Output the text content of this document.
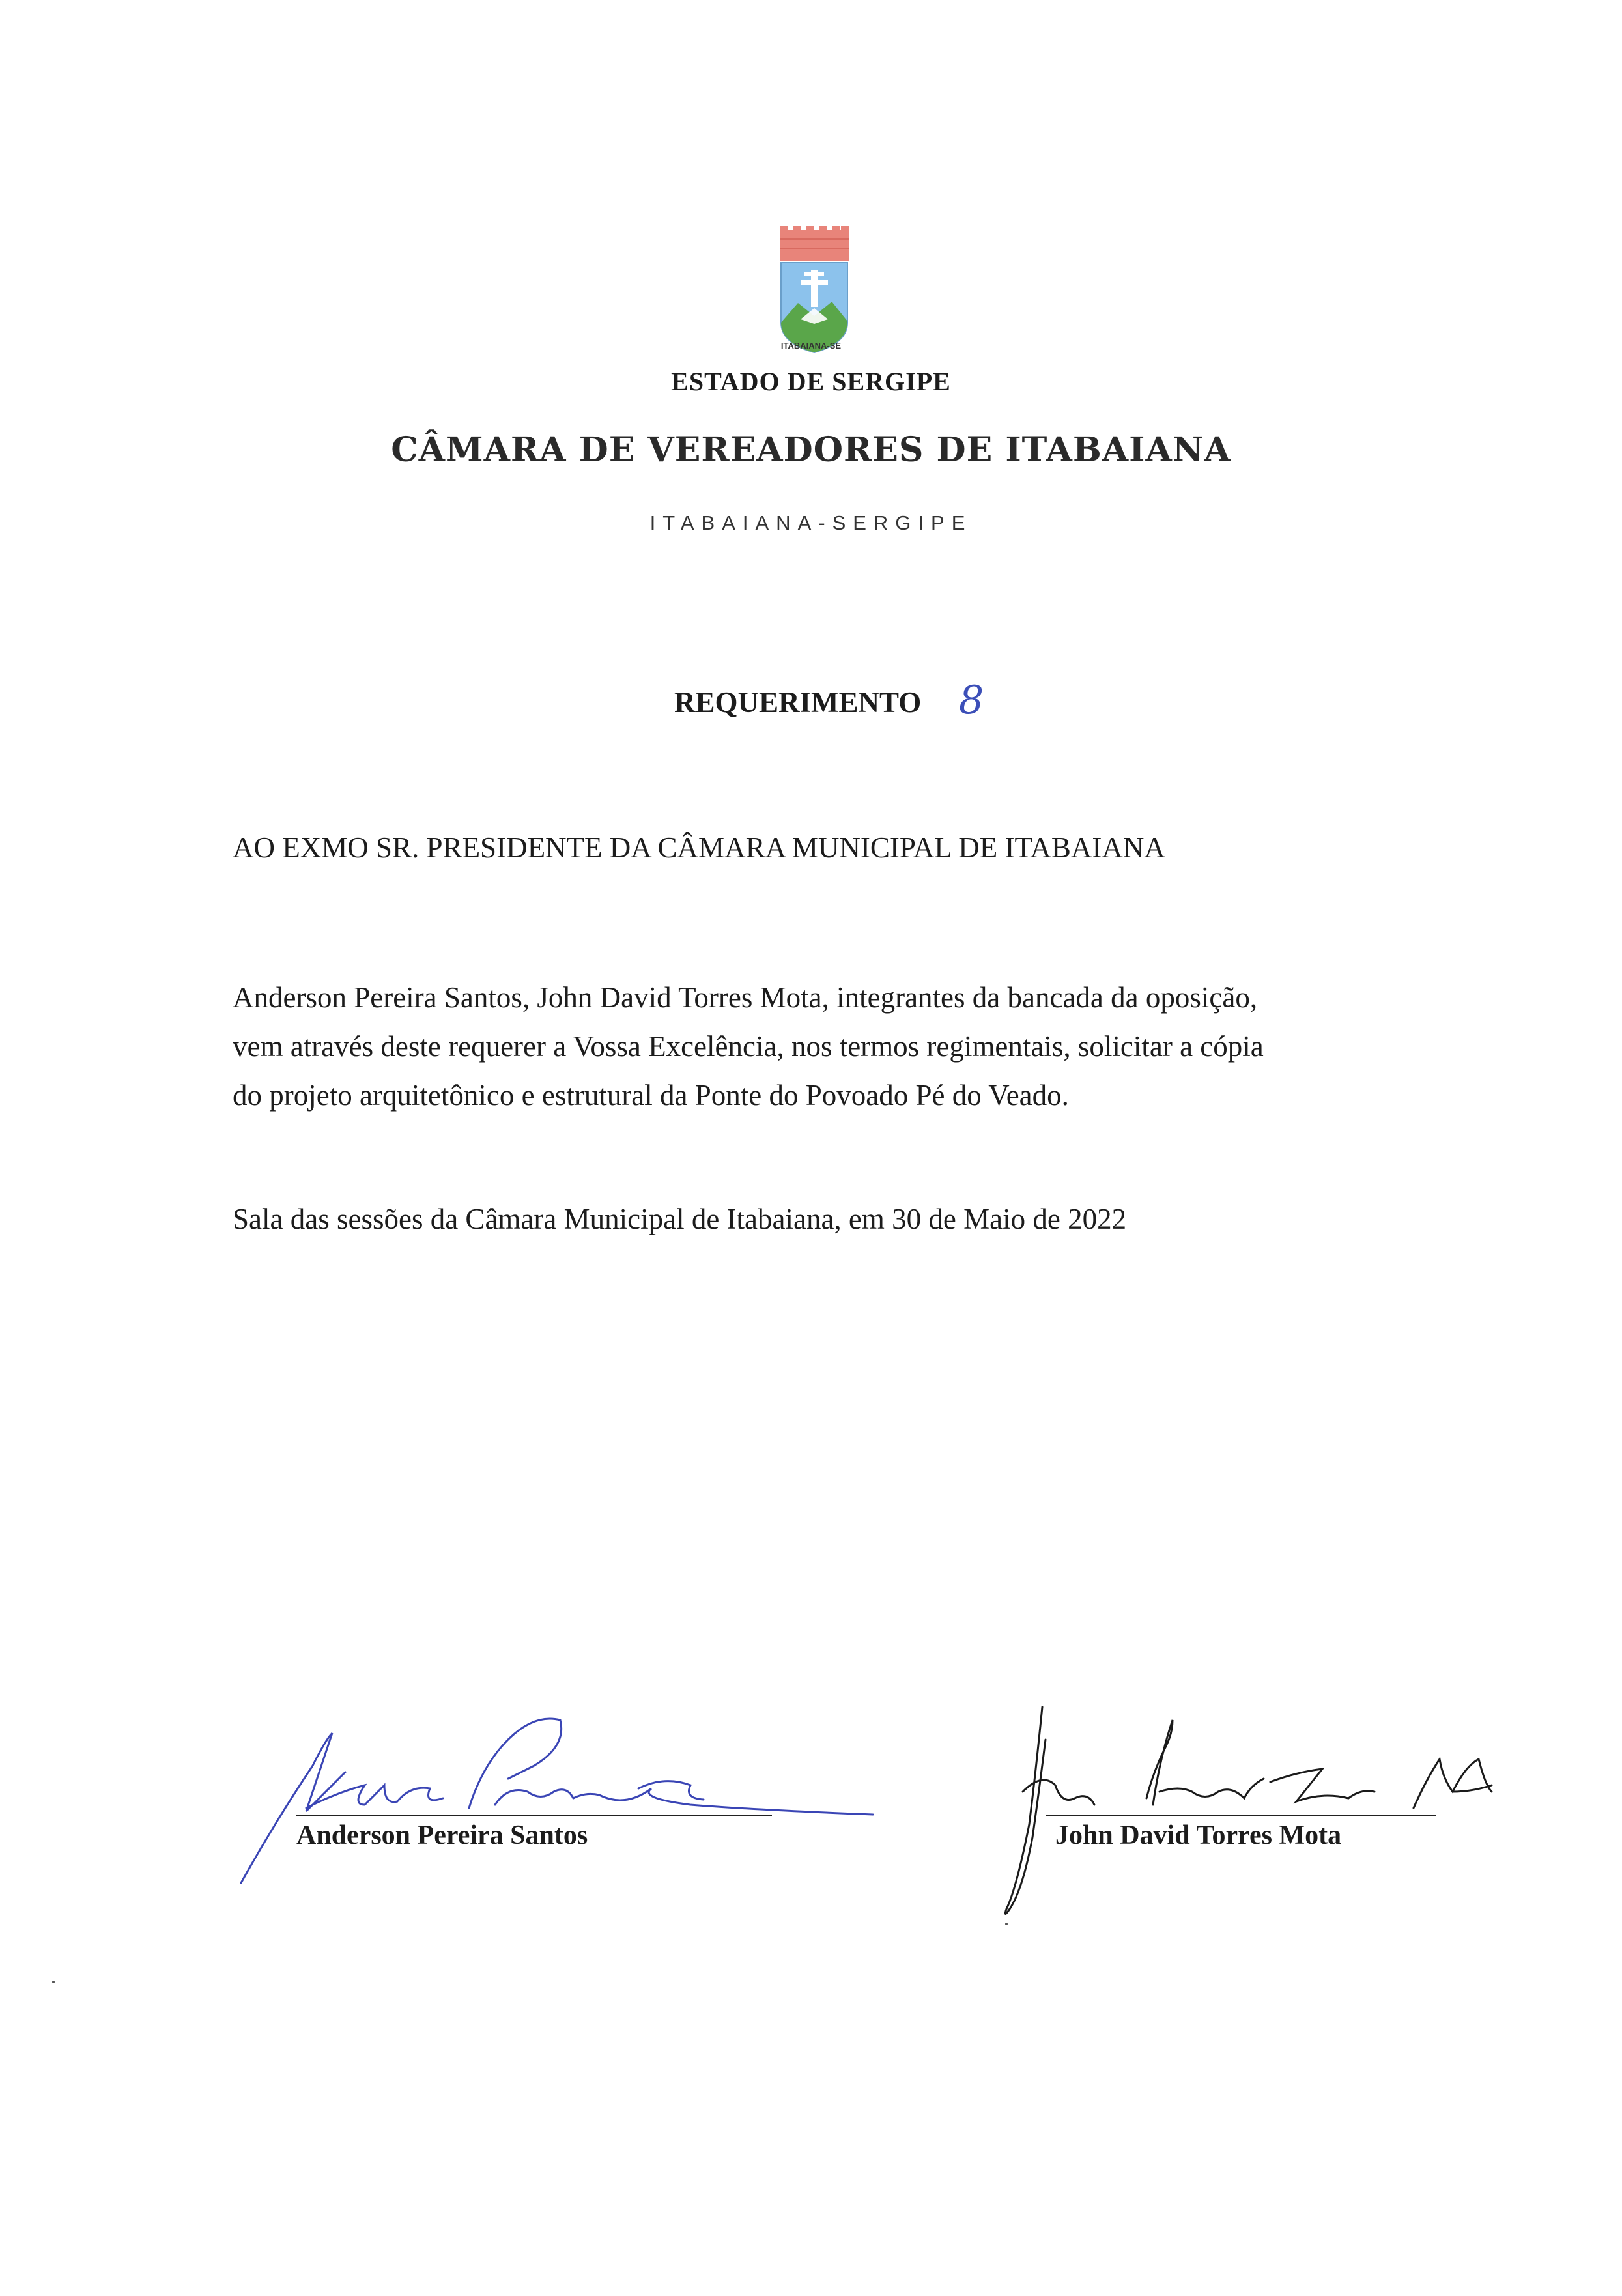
ITABAIANA-SE
ESTADO DE SERGIPE
CÂMARA DE VEREADORES DE ITABAIANA
ITABAIANA-SERGIPE
REQUERIMENTO 8
AO EXMO SR. PRESIDENTE DA CÂMARA MUNICIPAL DE ITABAIANA
Anderson Pereira Santos, John David Torres Mota, integrantes da bancada da oposição,
vem através deste requerer a Vossa Excelência, nos termos regimentais, solicitar a cópia
do projeto arquitetônico e estrutural da Ponte do Povoado Pé do Veado.
Sala das sessões da Câmara Municipal de Itabaiana, em 30 de Maio de 2022
Anderson Pereira Santos	John David Torres Mota
